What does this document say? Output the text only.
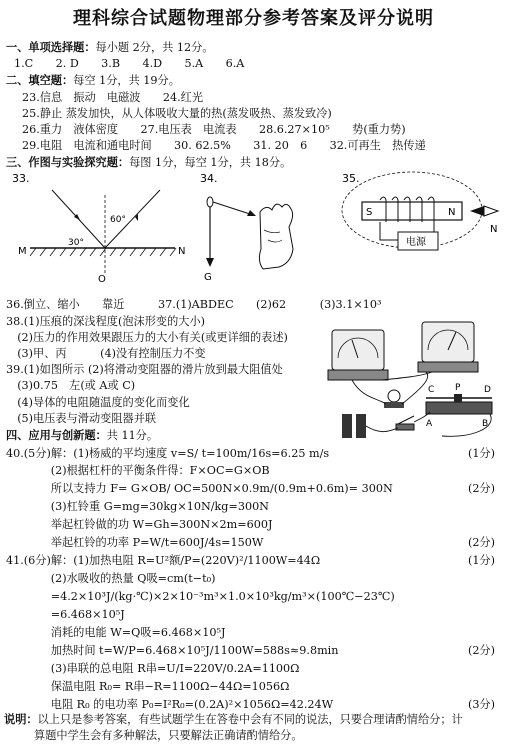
理科综合试题物理部分参考答案及评分说明
一、单项选择题：每小题 2分，共 12分。
1.C　　2. D　　3.B　　4.D　　5.A　　6.A
二、填空题：每空 1分，共 19分。
23.信息　振动　电磁波　　24.红光
25.静止 蒸发加快，从人体吸收大量的热(蒸发吸热、蒸发致冷)
26.重力　液体密度　　27.电压表　电流表　　28.6.27×10⁵　　势(重力势)
29.电阻　电流和通电时间　　30. 62.5%　　31. 20　6　　32.可再生　热传递
三、作图与实验探究题：每图 1分，每空 1分，共 18分。
33.
M	N
O
30°
60°
34.
G
35.
S	N
电源
N
36.倒立、缩小　　靠近　　　37.(1)ABDEC　　(2)62　　　(3)3.1×10³
38.(1)压痕的深浅程度(泡沫形变的大小)
　(2)压力的作用效果跟压力的大小有关(或更详细的表述)
　(3)甲、丙　　　(4)没有控制压力不变
39.(1)如图所示 (2)将滑动变阻器的滑片放到最大阻值处
　(3)0.75　左(或 A或 C)
　(4)导体的电阻随温度的变化而变化
　(5)电压表与滑动变阻器并联
C P	D
A	B
四、应用与创新题：共 11分。
40.(5分)解：(1)杨威的平均速度 v=S/ t=100m/16s=6.25 m/s	(1分)
　　　　(2)根据杠杆的平衡条件得：F×OC=G×OB
　　　　所以支持力 F= G×OB/ OC=500N×0.9m/(0.9m+0.6m)= 300N	(2分)
　　　　(3)杠铃重 G=mg=30kg×10N/kg=300N
　　　　举起杠铃做的功 W=Gh=300N×2m=600J
　　　　举起杠铃的功率 P=W/t=600J/4s=150W	(2分)
41.(6分)解：(1)加热电阻 R=U²额/P=(220V)²/1100W=44Ω	(1分)
　　　　(2)水吸收的热量 Q吸=cm(t−t₀)
　　　　=4.2×10³J/(kg·℃)×2×10⁻³m³×1.0×10³kg/m³×(100℃−23℃)
　　　　=6.468×10⁵J
　　　　消耗的电能 W=Q吸=6.468×10⁵J
　　　　加热时间 t=W/P=6.468×10⁵J/1100W=588s≈9.8min	(2分)
　　　　(3)串联的总电阻 R串=U/I=220V/0.2A=1100Ω
　　　　保温电阻 R₀= R串−R=1100Ω−44Ω=1056Ω
　　　　电阻 R₀ 的电功率 P₀=I²R₀=(0.2A)²×1056Ω=42.24W	(3分)
说明：以上只是参考答案，有些试题学生在答卷中会有不同的说法，只要合理请酌情给分；计
算题中学生会有多种解法，只要解法正确请酌情给分。
